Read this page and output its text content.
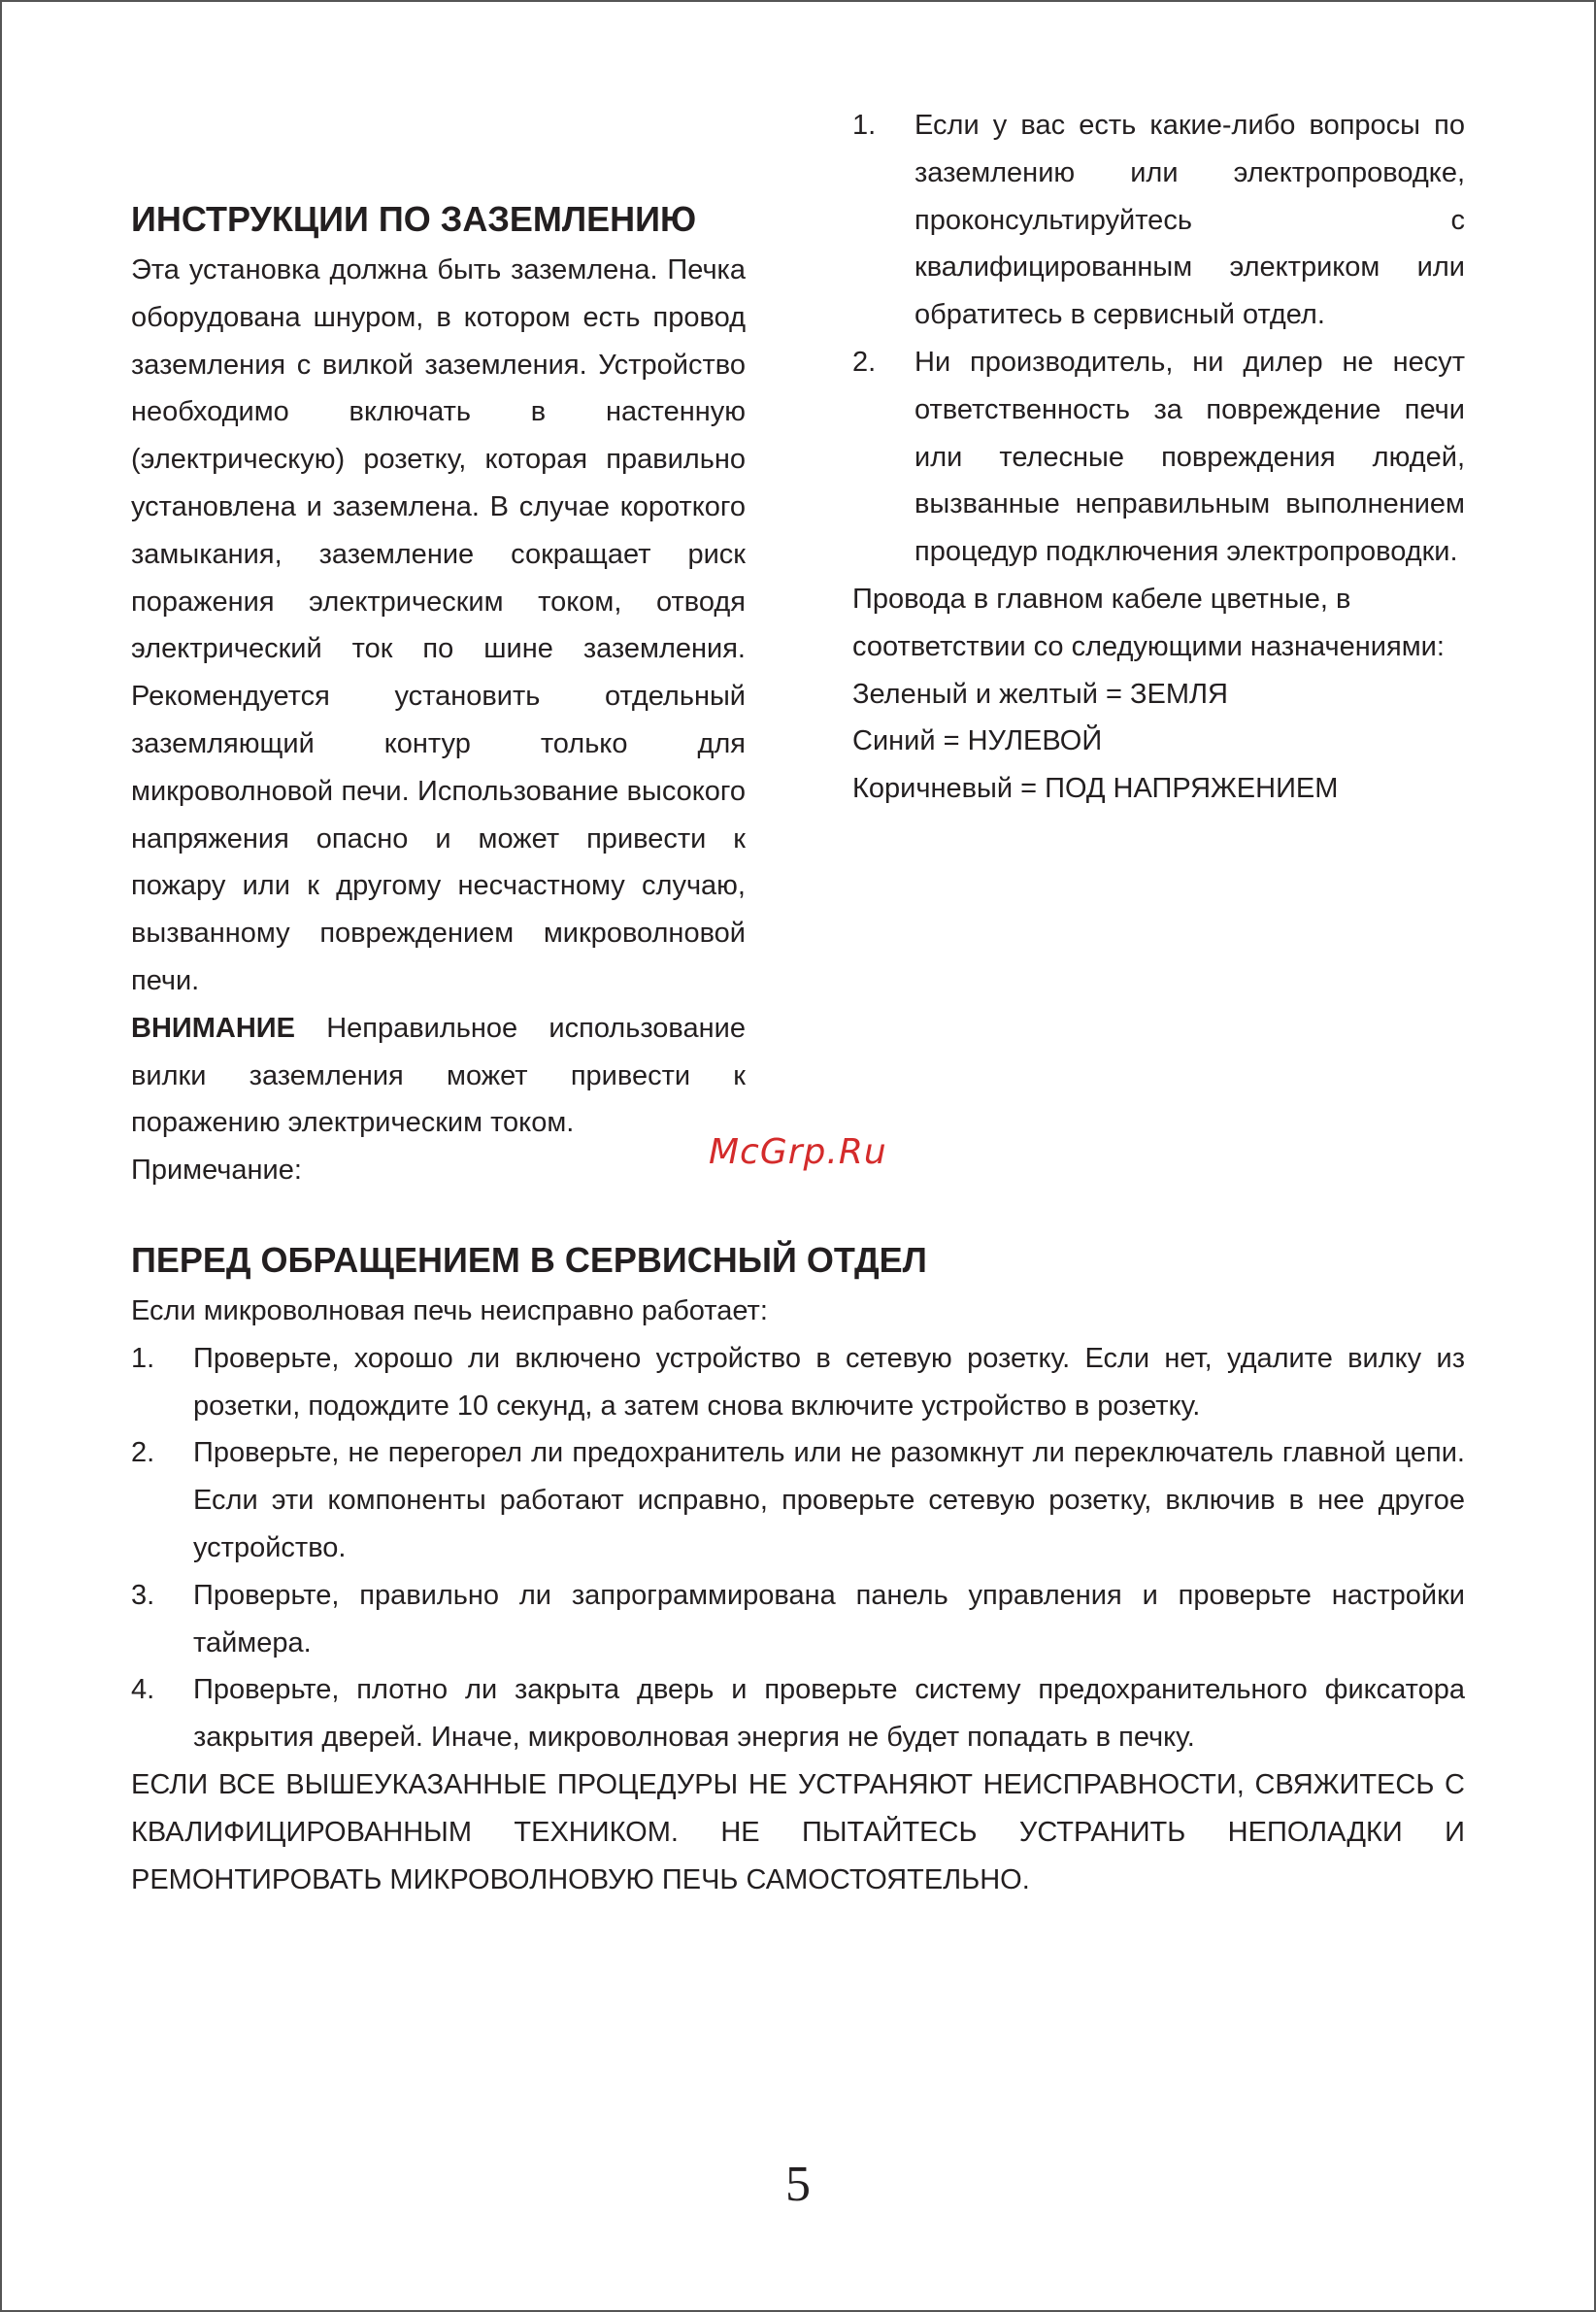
ИНСТРУКЦИИ ПО ЗАЗЕМЛЕНИЮ

Эта установка должна быть заземлена. Печка оборудована шнуром, в котором есть провод заземления с вилкой заземления. Устройство необходимо включать в настенную (электрическую) розетку, которая правильно установлена и заземлена. В случае короткого замыкания, заземление сокращает риск поражения электрическим током, отводя электрический ток по шине заземления. Рекомендуется установить отдельный заземляющий контур только для микроволновой печи. Использование высокого напряжения опасно и может привести к пожару или к другому несчастному случаю, вызванному повреждением микроволновой печи.

ВНИМАНИЕ Неправильное использование вилки заземления может привести к поражению электрическим током.

Примечание:

1.	Если у вас есть какие-либо вопросы по заземлению или электропроводке, проконсультируйтесь с квалифицированным электриком или обратитесь в сервисный отдел.
2.	Ни производитель, ни дилер не несут ответственность за повреждение печи или телесные повреждения людей, вызванные неправильным выполнением процедур подключения электропроводки.

Провода в главном кабеле цветные, в соответствии со следующими назначениями:

Зеленый и желтый = ЗЕМЛЯ

Синий = НУЛЕВОЙ

Коричневый = ПОД НАПРЯЖЕНИЕМ

McGrp.Ru
ПЕРЕД ОБРАЩЕНИЕМ В СЕРВИСНЫЙ ОТДЕЛ

Если микроволновая печь неисправно работает:

1.	Проверьте, хорошо ли включено устройство в сетевую розетку. Если нет, удалите вилку из розетки, подождите 10 секунд, а затем снова включите устройство в розетку.
2.	Проверьте, не перегорел ли предохранитель или не разомкнут ли переключатель главной цепи. Если эти компоненты работают исправно, проверьте сетевую розетку, включив в нее другое устройство.
3.	Проверьте, правильно ли запрограммирована панель управления и проверьте настройки таймера.
4.	Проверьте, плотно ли закрыта дверь и проверьте систему предохранительного фиксатора закрытия дверей. Иначе, микроволновая энергия не будет попадать в печку.

ЕСЛИ ВСЕ ВЫШЕУКАЗАННЫЕ ПРОЦЕДУРЫ НЕ УСТРАНЯЮТ НЕИСПРАВНОСТИ, СВЯЖИТЕСЬ С КВАЛИФИЦИРОВАННЫМ ТЕХНИКОМ. НЕ ПЫТАЙТЕСЬ УСТРАНИТЬ НЕПОЛАДКИ И РЕМОНТИРОВАТЬ МИКРОВОЛНОВУЮ ПЕЧЬ САМОСТОЯТЕЛЬНО.

5
